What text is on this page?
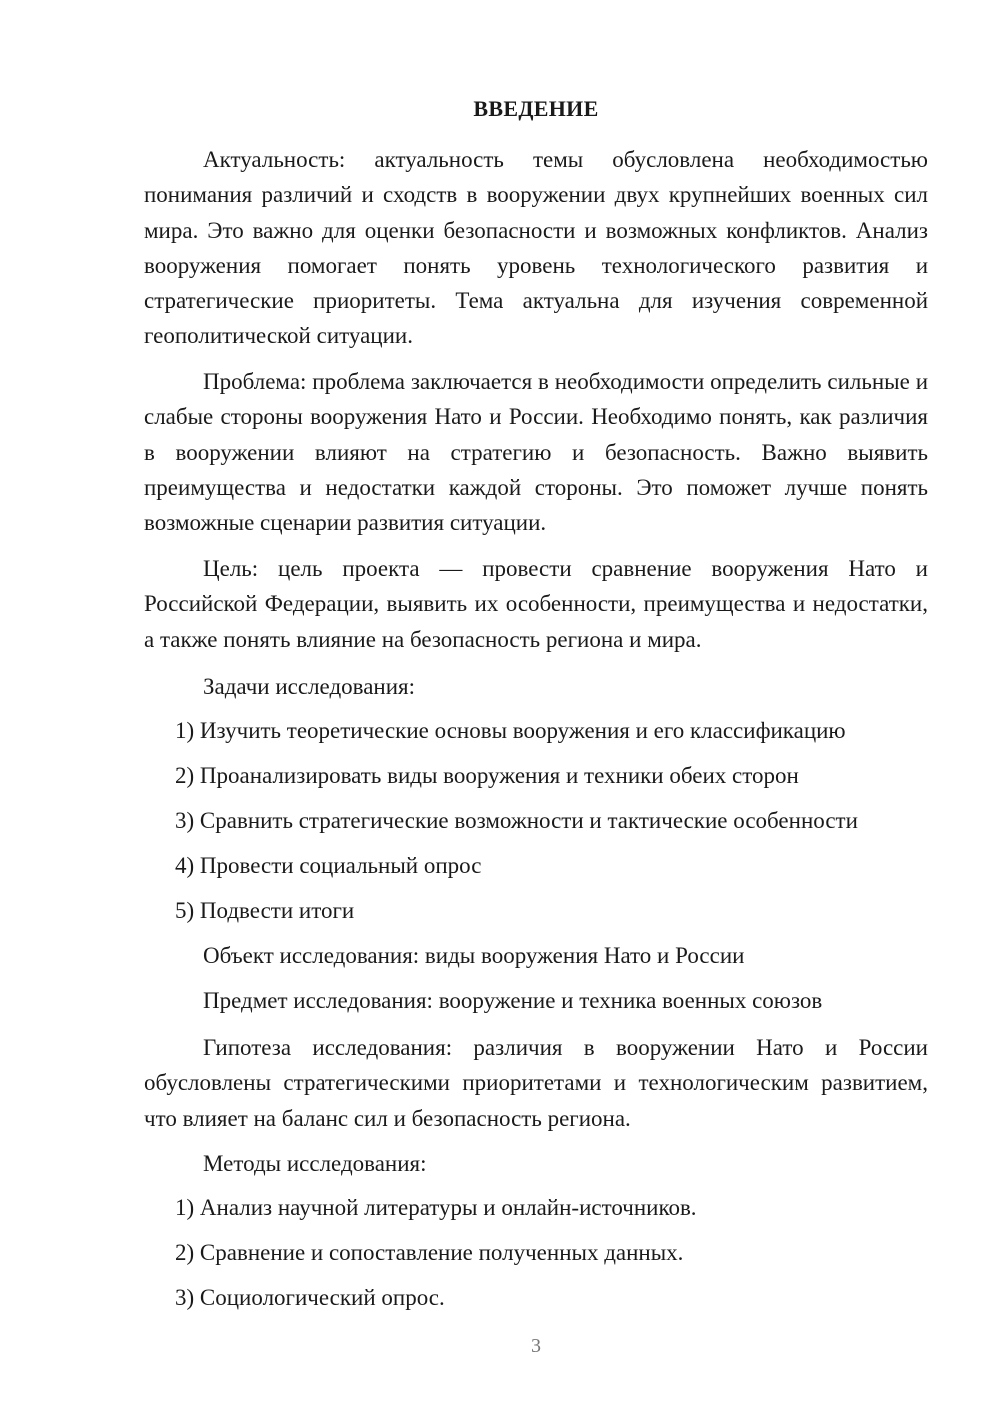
ВВЕДЕНИЕ

Актуальность: актуальность темы обусловлена необходимостью понимания различий и сходств в вооружении двух крупнейших военных сил мира. Это важно для оценки безопасности и возможных конфликтов. Анализ вооружения помогает понять уровень технологического развития и стратегические приоритеты. Тема актуальна для изучения современной геополитической ситуации.

Проблема: проблема заключается в необходимости определить сильные и слабые стороны вооружения Нато и России. Необходимо понять, как различия в вооружении влияют на стратегию и безопасность. Важно выявить преимущества и недостатки каждой стороны. Это поможет лучше понять возможные сценарии развития ситуации.

Цель: цель проекта — провести сравнение вооружения Нато и Российской Федерации, выявить их особенности, преимущества и недостатки, а также понять влияние на безопасность региона и мира.

Задачи исследования:

1) Изучить теоретические основы вооружения и его классификацию

2) Проанализировать виды вооружения и техники обеих сторон

3) Сравнить стратегические возможности и тактические особенности

4) Провести социальный опрос

5) Подвести итоги

Объект исследования: виды вооружения Нато и России

Предмет исследования: вооружение и техника военных союзов

Гипотеза исследования: различия в вооружении Нато и России обусловлены стратегическими приоритетами и технологическим развитием, что влияет на баланс сил и безопасность региона.

Методы исследования:

1) Анализ научной литературы и онлайн-источников.

2) Сравнение и сопоставление полученных данных.

3) Социологический опрос.

3
